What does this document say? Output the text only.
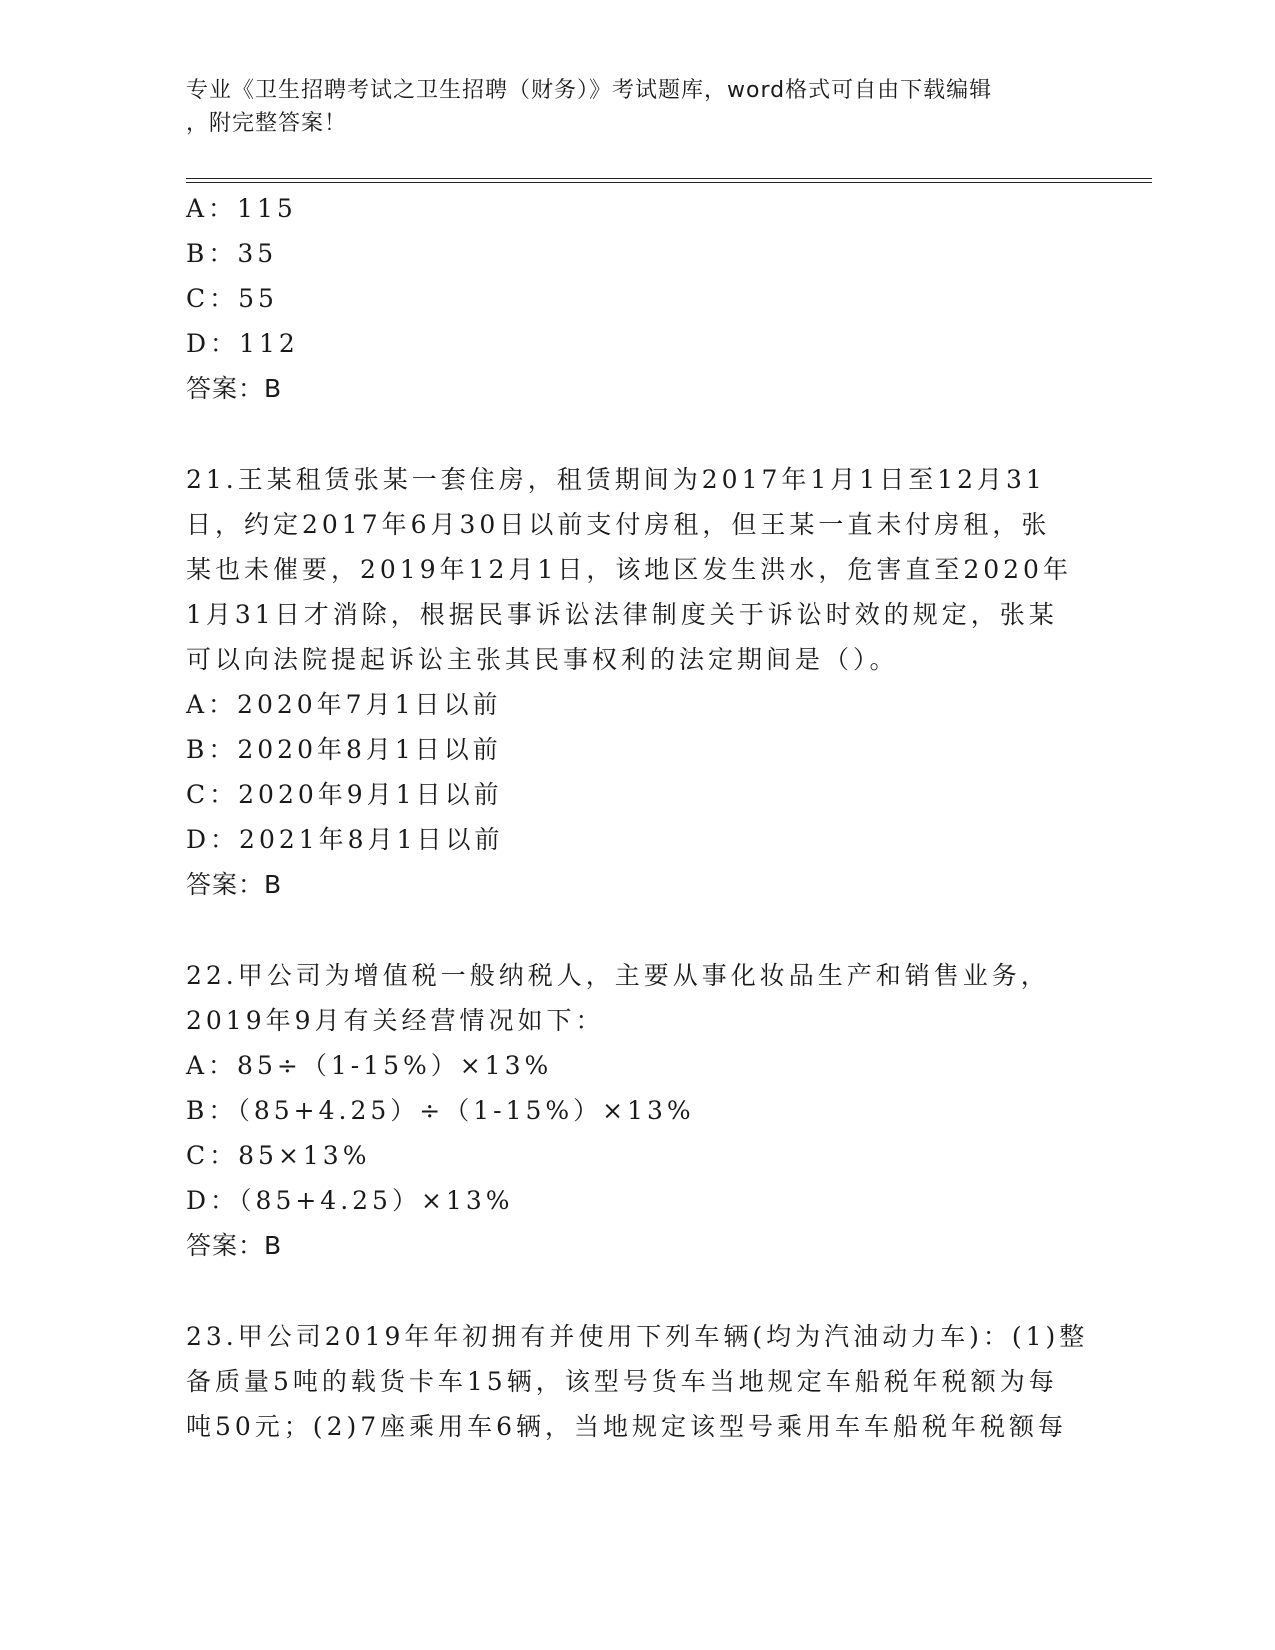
专业《卫生招聘考试之卫生招聘（财务）》考试题库，word格式可自由下载编辑
，附完整答案！
A：115
B：35
C：55
D：112
答案：B
21.王某租赁张某一套住房，租赁期间为2017年1月1日至12月31
日，约定2017年6月30日以前支付房租，但王某一直未付房租，张
某也未催要，2019年12月1日，该地区发生洪水，危害直至2020年
1月31日才消除，根据民事诉讼法律制度关于诉讼时效的规定，张某
可以向法院提起诉讼主张其民事权利的法定期间是（）。
A：2020年7月1日以前
B：2020年8月1日以前
C：2020年9月1日以前
D：2021年8月1日以前
答案：B
22.甲公司为增值税一般纳税人，主要从事化妆品生产和销售业务，
2019年9月有关经营情况如下：
A：85÷（1-15%）×13%
B：（85+4.25）÷（1-15%）×13%
C：85×13%
D：（85+4.25）×13%
答案：B
23.甲公司2019年年初拥有并使用下列车辆(均为汽油动力车)：(1)整
备质量5吨的载货卡车15辆，该型号货车当地规定车船税年税额为每
吨50元；(2)7座乘用车6辆，当地规定该型号乘用车车船税年税额每
